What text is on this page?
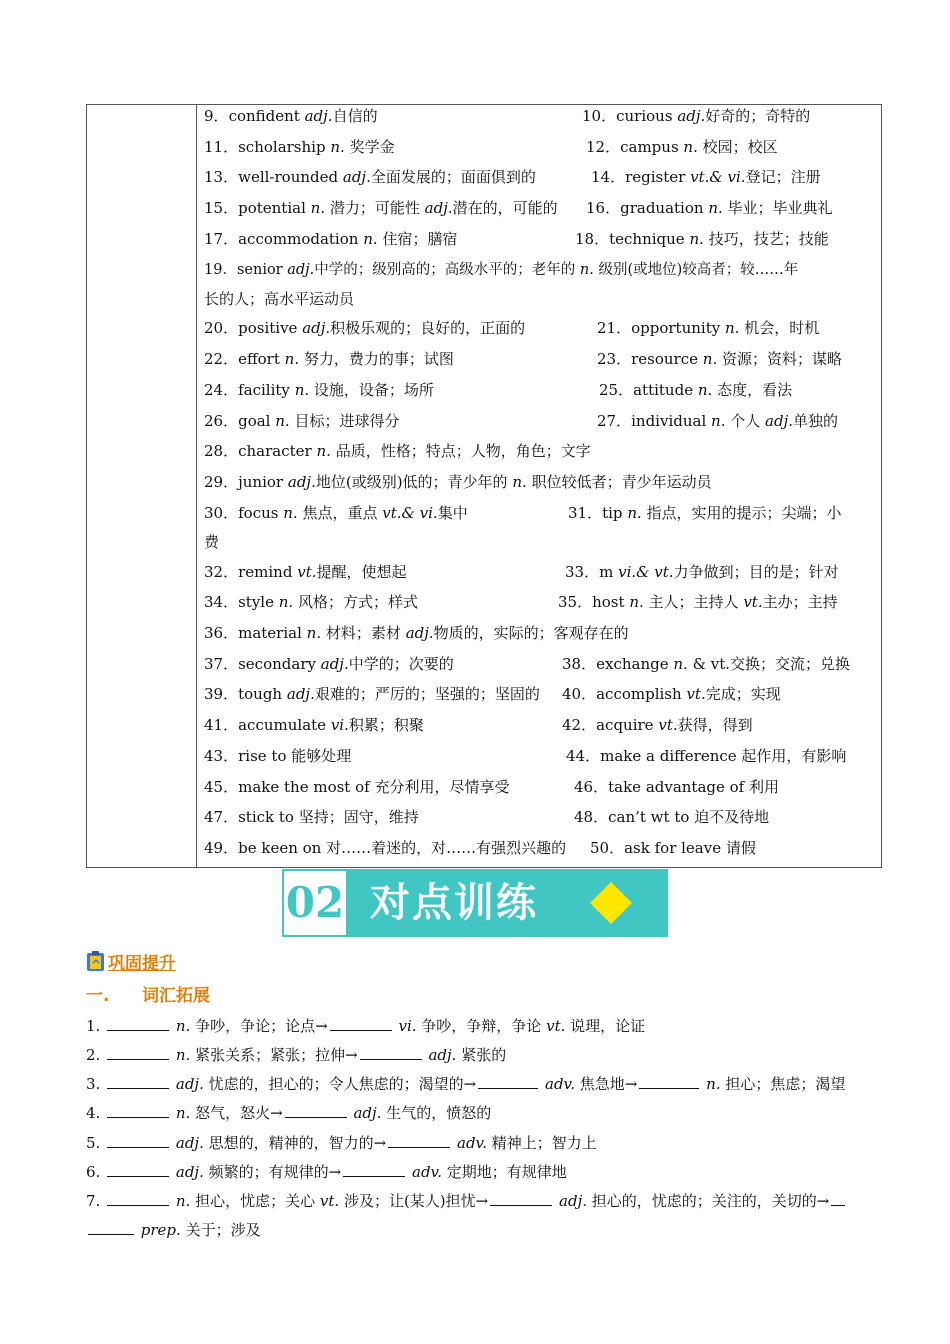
9．confident adj.自信的	10．curious adj.好奇的；奇特的
11．scholarship n. 奖学金	12．campus n. 校园；校区
13．well-rounded adj.全面发展的；面面俱到的	14．register vt.& vi.登记；注册
15．potential n. 潜力；可能性 adj.潜在的，可能的 16．graduation n. 毕业；毕业典礼
17．accommodation n. 住宿；膳宿	18．technique n. 技巧，技艺；技能
19．senior adj.中学的；级别高的；高级水平的；老年的 n. 级别(或地位)较高者；较……年
长的人；高水平运动员
20．positive adj.积极乐观的；良好的，正面的	21．opportunity n. 机会，时机
22．effort n. 努力，费力的事；试图	23．resource n. 资源；资料；谋略
24．facility n. 设施，设备；场所	25．attitude n. 态度，看法
26．goal n. 目标；进球得分	27．individual n. 个人 adj.单独的
28．character n. 品质，性格；特点；人物，角色；文字
29．junior adj.地位(或级别)低的；青少年的 n. 职位较低者；青少年运动员
30．focus n. 焦点，重点 vt.& vi.集中	31．tip n. 指点，实用的提示；尖端；小
费
32．remind vt.提醒，使想起	33．m vi.& vt.力争做到；目的是；针对
34．style n. 风格；方式；样式	35．host n. 主人；主持人 vt.主办；主持
36．material n. 材料；素材 adj.物质的，实际的；客观存在的
37．secondary adj.中学的；次要的	38．exchange n. & vt.交换；交流；兑换
39．tough adj.艰难的；严厉的；坚强的；坚固的 40．accomplish vt.完成；实现
41．accumulate vi.积累；积聚	42．acquire vt.获得，得到
43．rise to 能够处理	44．make a difference 起作用，有影响
45．make the most of 充分利用，尽情享受	46．take advantage of 利用
47．stick to 坚持；固守，维持	48．can’t wt to 迫不及待地
49．be keen on 对……着迷的，对……有强烈兴趣的 50．ask for leave 请假
02 对点训练
巩固提升
一. 词汇拓展
1.	n. 争吵，争论；论点→	vi. 争吵，争辩，争论 vt. 说理，论证
2.	n. 紧张关系；紧张；拉伸→	adj. 紧张的
3.	adj. 忧虑的，担心的；令人焦虑的；渴望的→	adv. 焦急地→	n. 担心；焦虑；渴望
4.	n. 怒气，怒火→	adj. 生气的，愤怒的
5.	adj. 思想的，精神的，智力的→	adv. 精神上；智力上
6.	adj. 频繁的；有规律的→	adv. 定期地；有规律地
7.	n. 担心，忧虑；关心 vt. 涉及；让(某人)担忧→	adj. 担心的，忧虑的；关注的，关切的→
prep. 关于；涉及
